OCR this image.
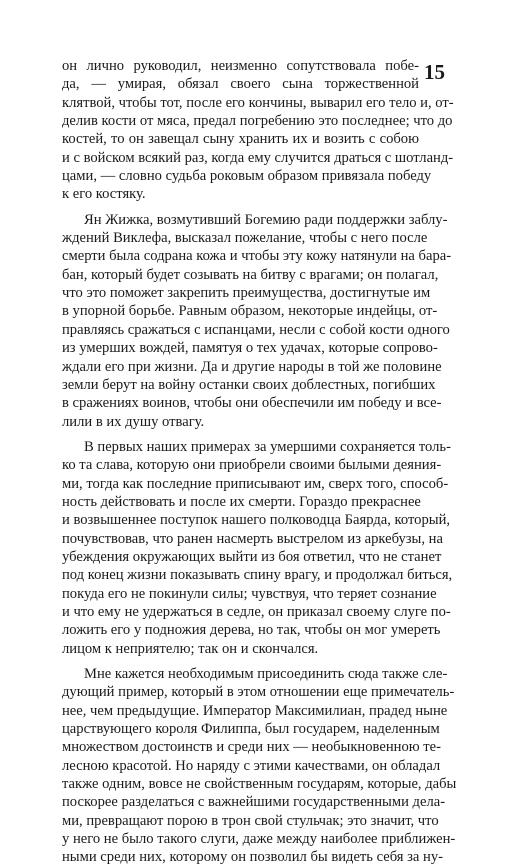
15
он лично руководил, неизменно сопутствовала побе-
да, — умирая, обязал своего сына торжественной
клятвой, чтобы тот, после его кончины, выварил его тело и, от-
делив кости от мяса, предал погребению это последнее; что до
костей, то он завещал сыну хранить их и возить с собою
и с войском всякий раз, когда ему случится драться с шотланд-
цами, — словно судьба роковым образом привязала победу
к его костяку.
Ян Жижка, возмутивший Богемию ради поддержки заблу-
ждений Виклефа, высказал пожелание, чтобы с него после
смерти была содрана кожа и чтобы эту кожу натянули на бара-
бан, который будет созывать на битву с врагами; он полагал,
что это поможет закрепить преимущества, достигнутые им
в упорной борьбе. Равным образом, некоторые индейцы, от-
правляясь сражаться с испанцами, несли с собой кости одного
из умерших вождей, памятуя о тех удачах, которые сопрово-
ждали его при жизни. Да и другие народы в той же половине
земли берут на войну останки своих доблестных, погибших
в сражениях воинов, чтобы они обеспечили им победу и все-
лили в их душу отвагу.
В первых наших примерах за умершими сохраняется толь-
ко та слава, которую они приобрели своими былыми деяния-
ми, тогда как последние приписывают им, сверх того, способ-
ность действовать и после их смерти. Гораздо прекраснее
и возвышеннее поступок нашего полководца Баярда, который,
почувствовав, что ранен насмерть выстрелом из аркебузы, на
убеждения окружающих выйти из боя ответил, что не станет
под конец жизни показывать спину врагу, и продолжал биться,
покуда его не покинули силы; чувствуя, что теряет сознание
и что ему не удержаться в седле, он приказал своему слуге по-
ложить его у подножия дерева, но так, чтобы он мог умереть
лицом к неприятелю; так он и скончался.
Мне кажется необходимым присоединить сюда также сле-
дующий пример, который в этом отношении еще примечатель-
нее, чем предыдущие. Император Максимилиан, прадед ныне
царствующего короля Филиппа, был государем, наделенным
множеством достоинств и среди них — необыкновенною те-
лесною красотой. Но наряду с этими качествами, он обладал
также одним, вовсе не свойственным государям, которые, дабы
поскорее разделаться с важнейшими государственными дела-
ми, превращают порою в трон свой стульчак; это значит, что
у него не было такого слуги, даже между наиболее приближен-
ными среди них, которому он позволил бы видеть себя за ну-
